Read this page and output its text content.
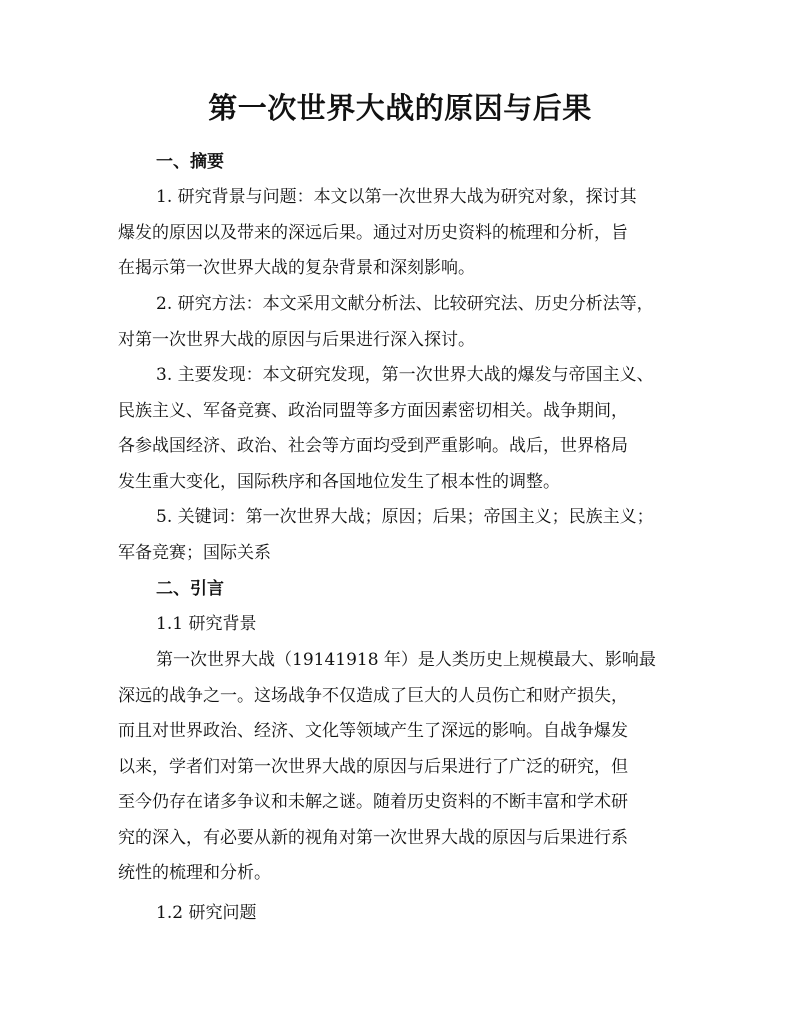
第一次世界大战的原因与后果
一、摘要
1. 研究背景与问题：本文以第一次世界大战为研究对象，探讨其
爆发的原因以及带来的深远后果。通过对历史资料的梳理和分析，旨
在揭示第一次世界大战的复杂背景和深刻影响。
2. 研究方法：本文采用文献分析法、比较研究法、历史分析法等，
对第一次世界大战的原因与后果进行深入探讨。
3. 主要发现：本文研究发现，第一次世界大战的爆发与帝国主义、
民族主义、军备竞赛、政治同盟等多方面因素密切相关。战争期间，
各参战国经济、政治、社会等方面均受到严重影响。战后，世界格局
发生重大变化，国际秩序和各国地位发生了根本性的调整。
5. 关键词：第一次世界大战；原因；后果；帝国主义；民族主义；
军备竞赛；国际关系
二、引言
1.1 研究背景
第一次世界大战（19141918 年）是人类历史上规模最大、影响最
深远的战争之一。这场战争不仅造成了巨大的人员伤亡和财产损失，
而且对世界政治、经济、文化等领域产生了深远的影响。自战争爆发
以来，学者们对第一次世界大战的原因与后果进行了广泛的研究，但
至今仍存在诸多争议和未解之谜。随着历史资料的不断丰富和学术研
究的深入，有必要从新的视角对第一次世界大战的原因与后果进行系
统性的梳理和分析。
1.2 研究问题
